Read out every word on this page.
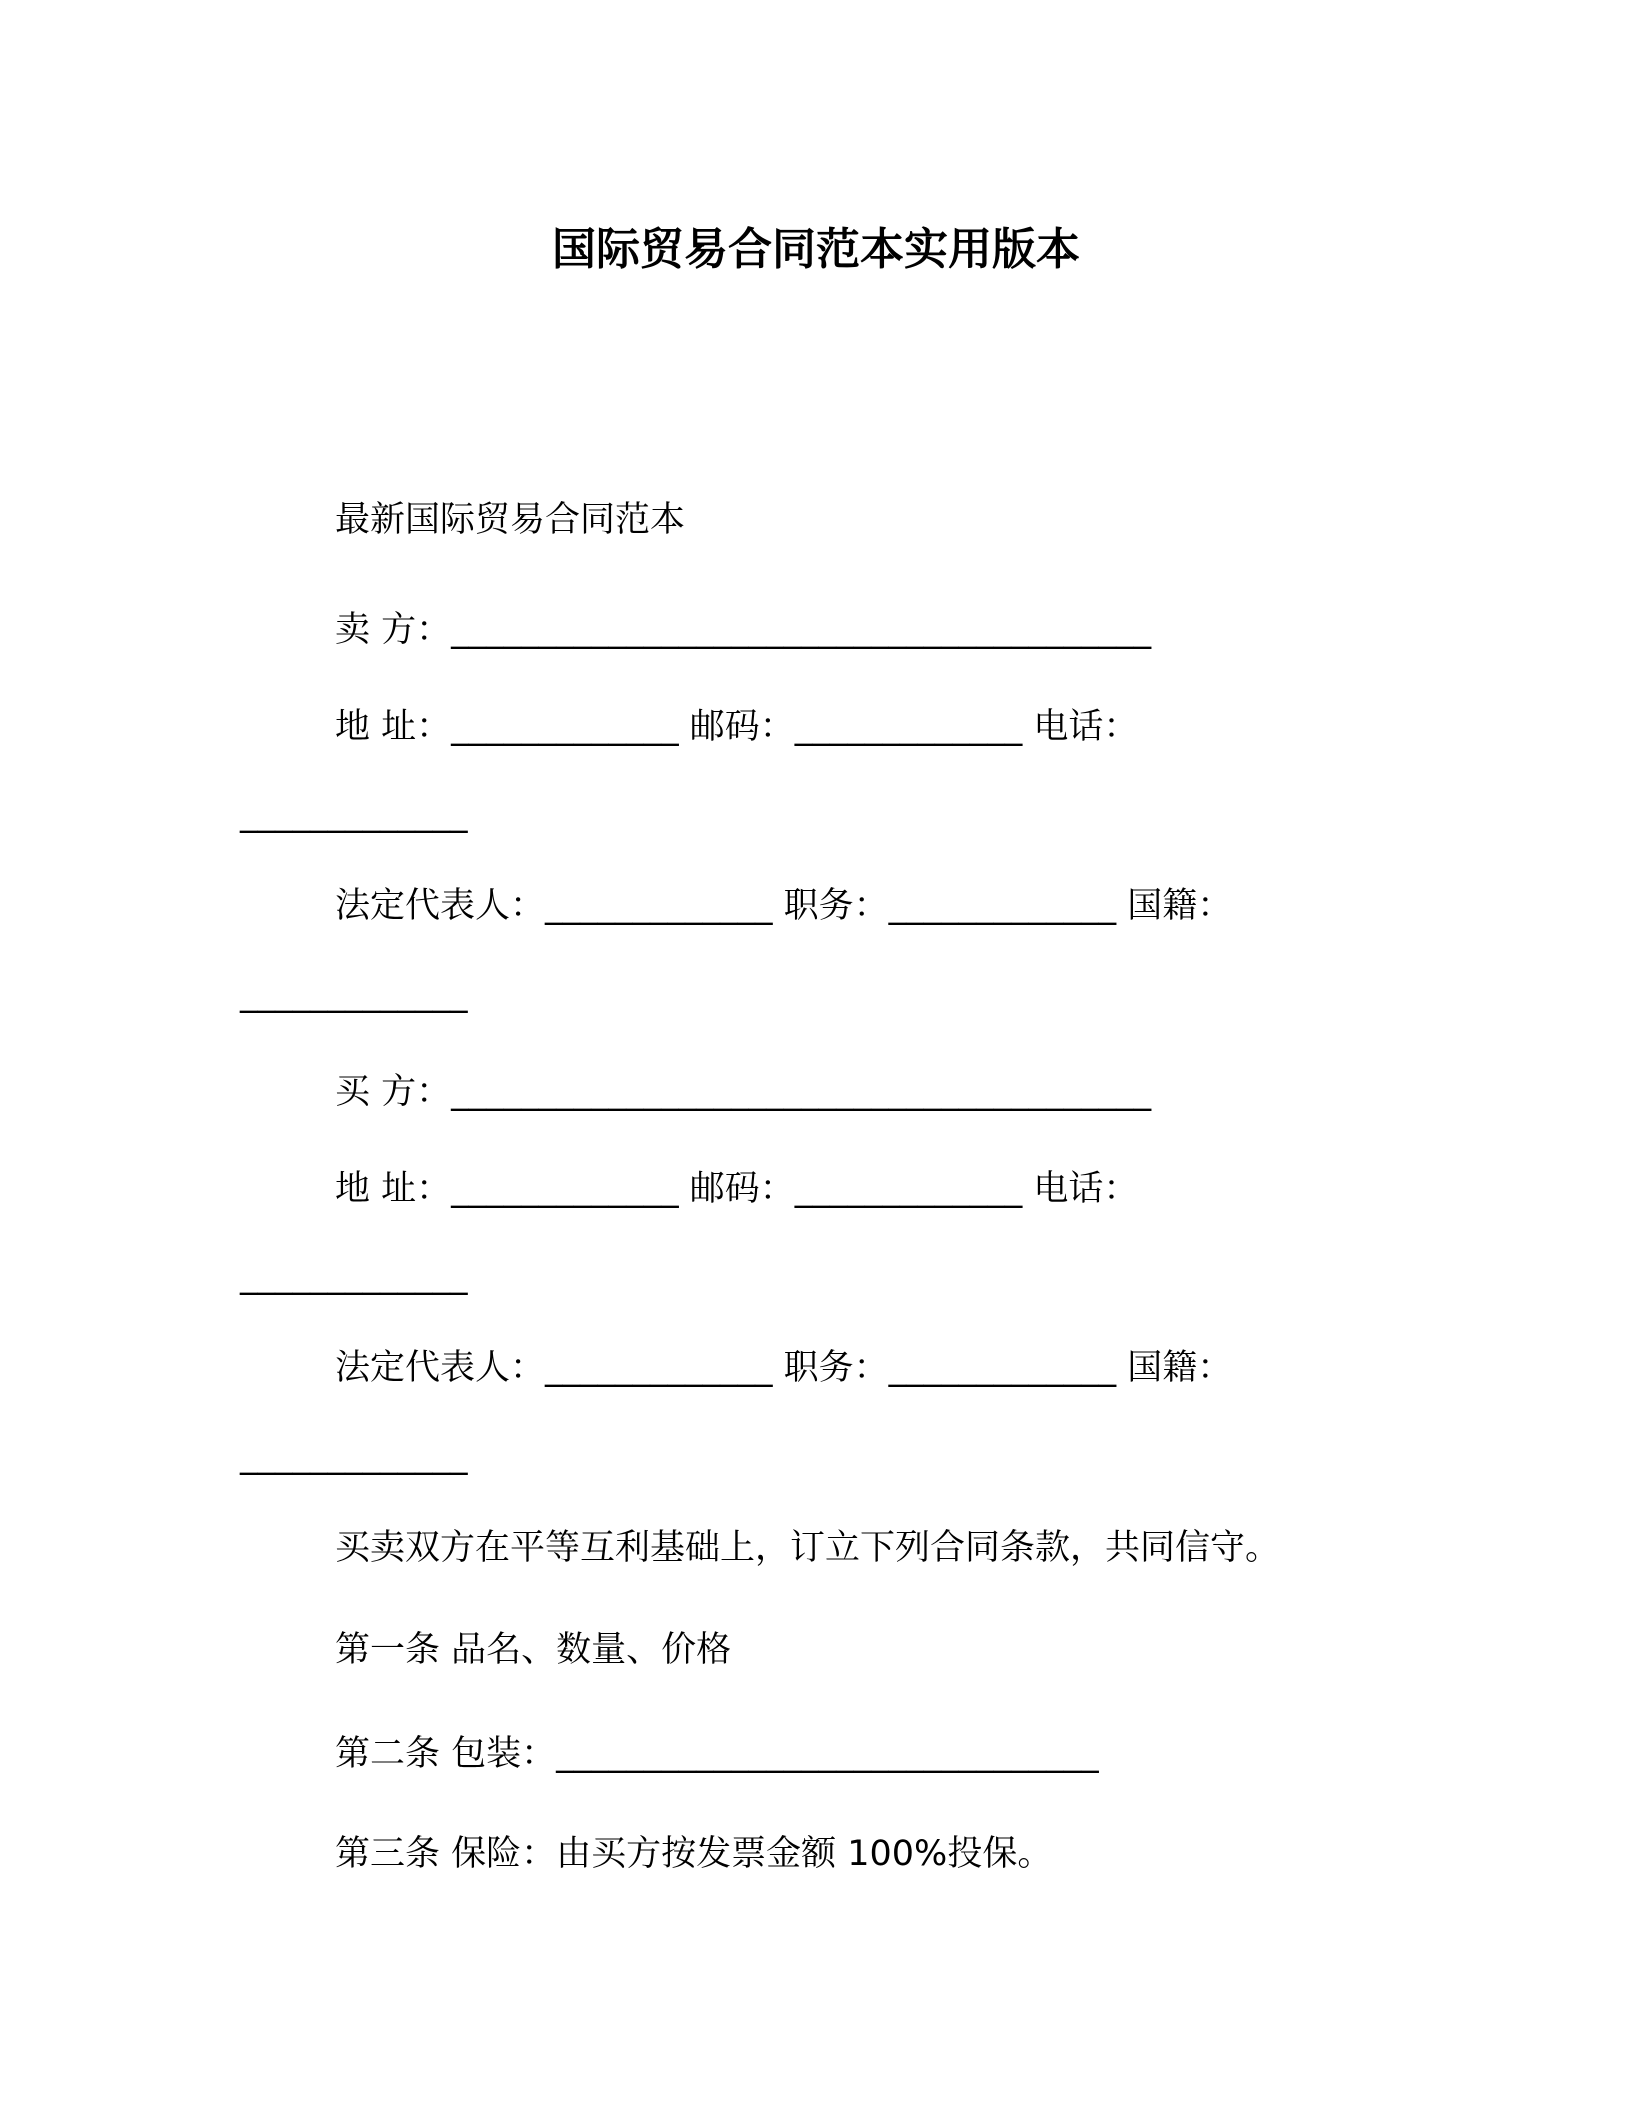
国际贸易合同范本实用版本
最新国际贸易合同范本
卖 方：________________________________________
地 址：_____________ 邮码：_____________ 电话：
_____________
法定代表人：_____________ 职务：_____________ 国籍：
_____________
买 方：________________________________________
地 址：_____________ 邮码：_____________ 电话：
_____________
法定代表人：_____________ 职务：_____________ 国籍：
_____________
买卖双方在平等互利基础上，订立下列合同条款，共同信守。
第一条 品名、数量、价格
第二条 包装：_______________________________
第三条 保险：由买方按发票金额 100%投保。
